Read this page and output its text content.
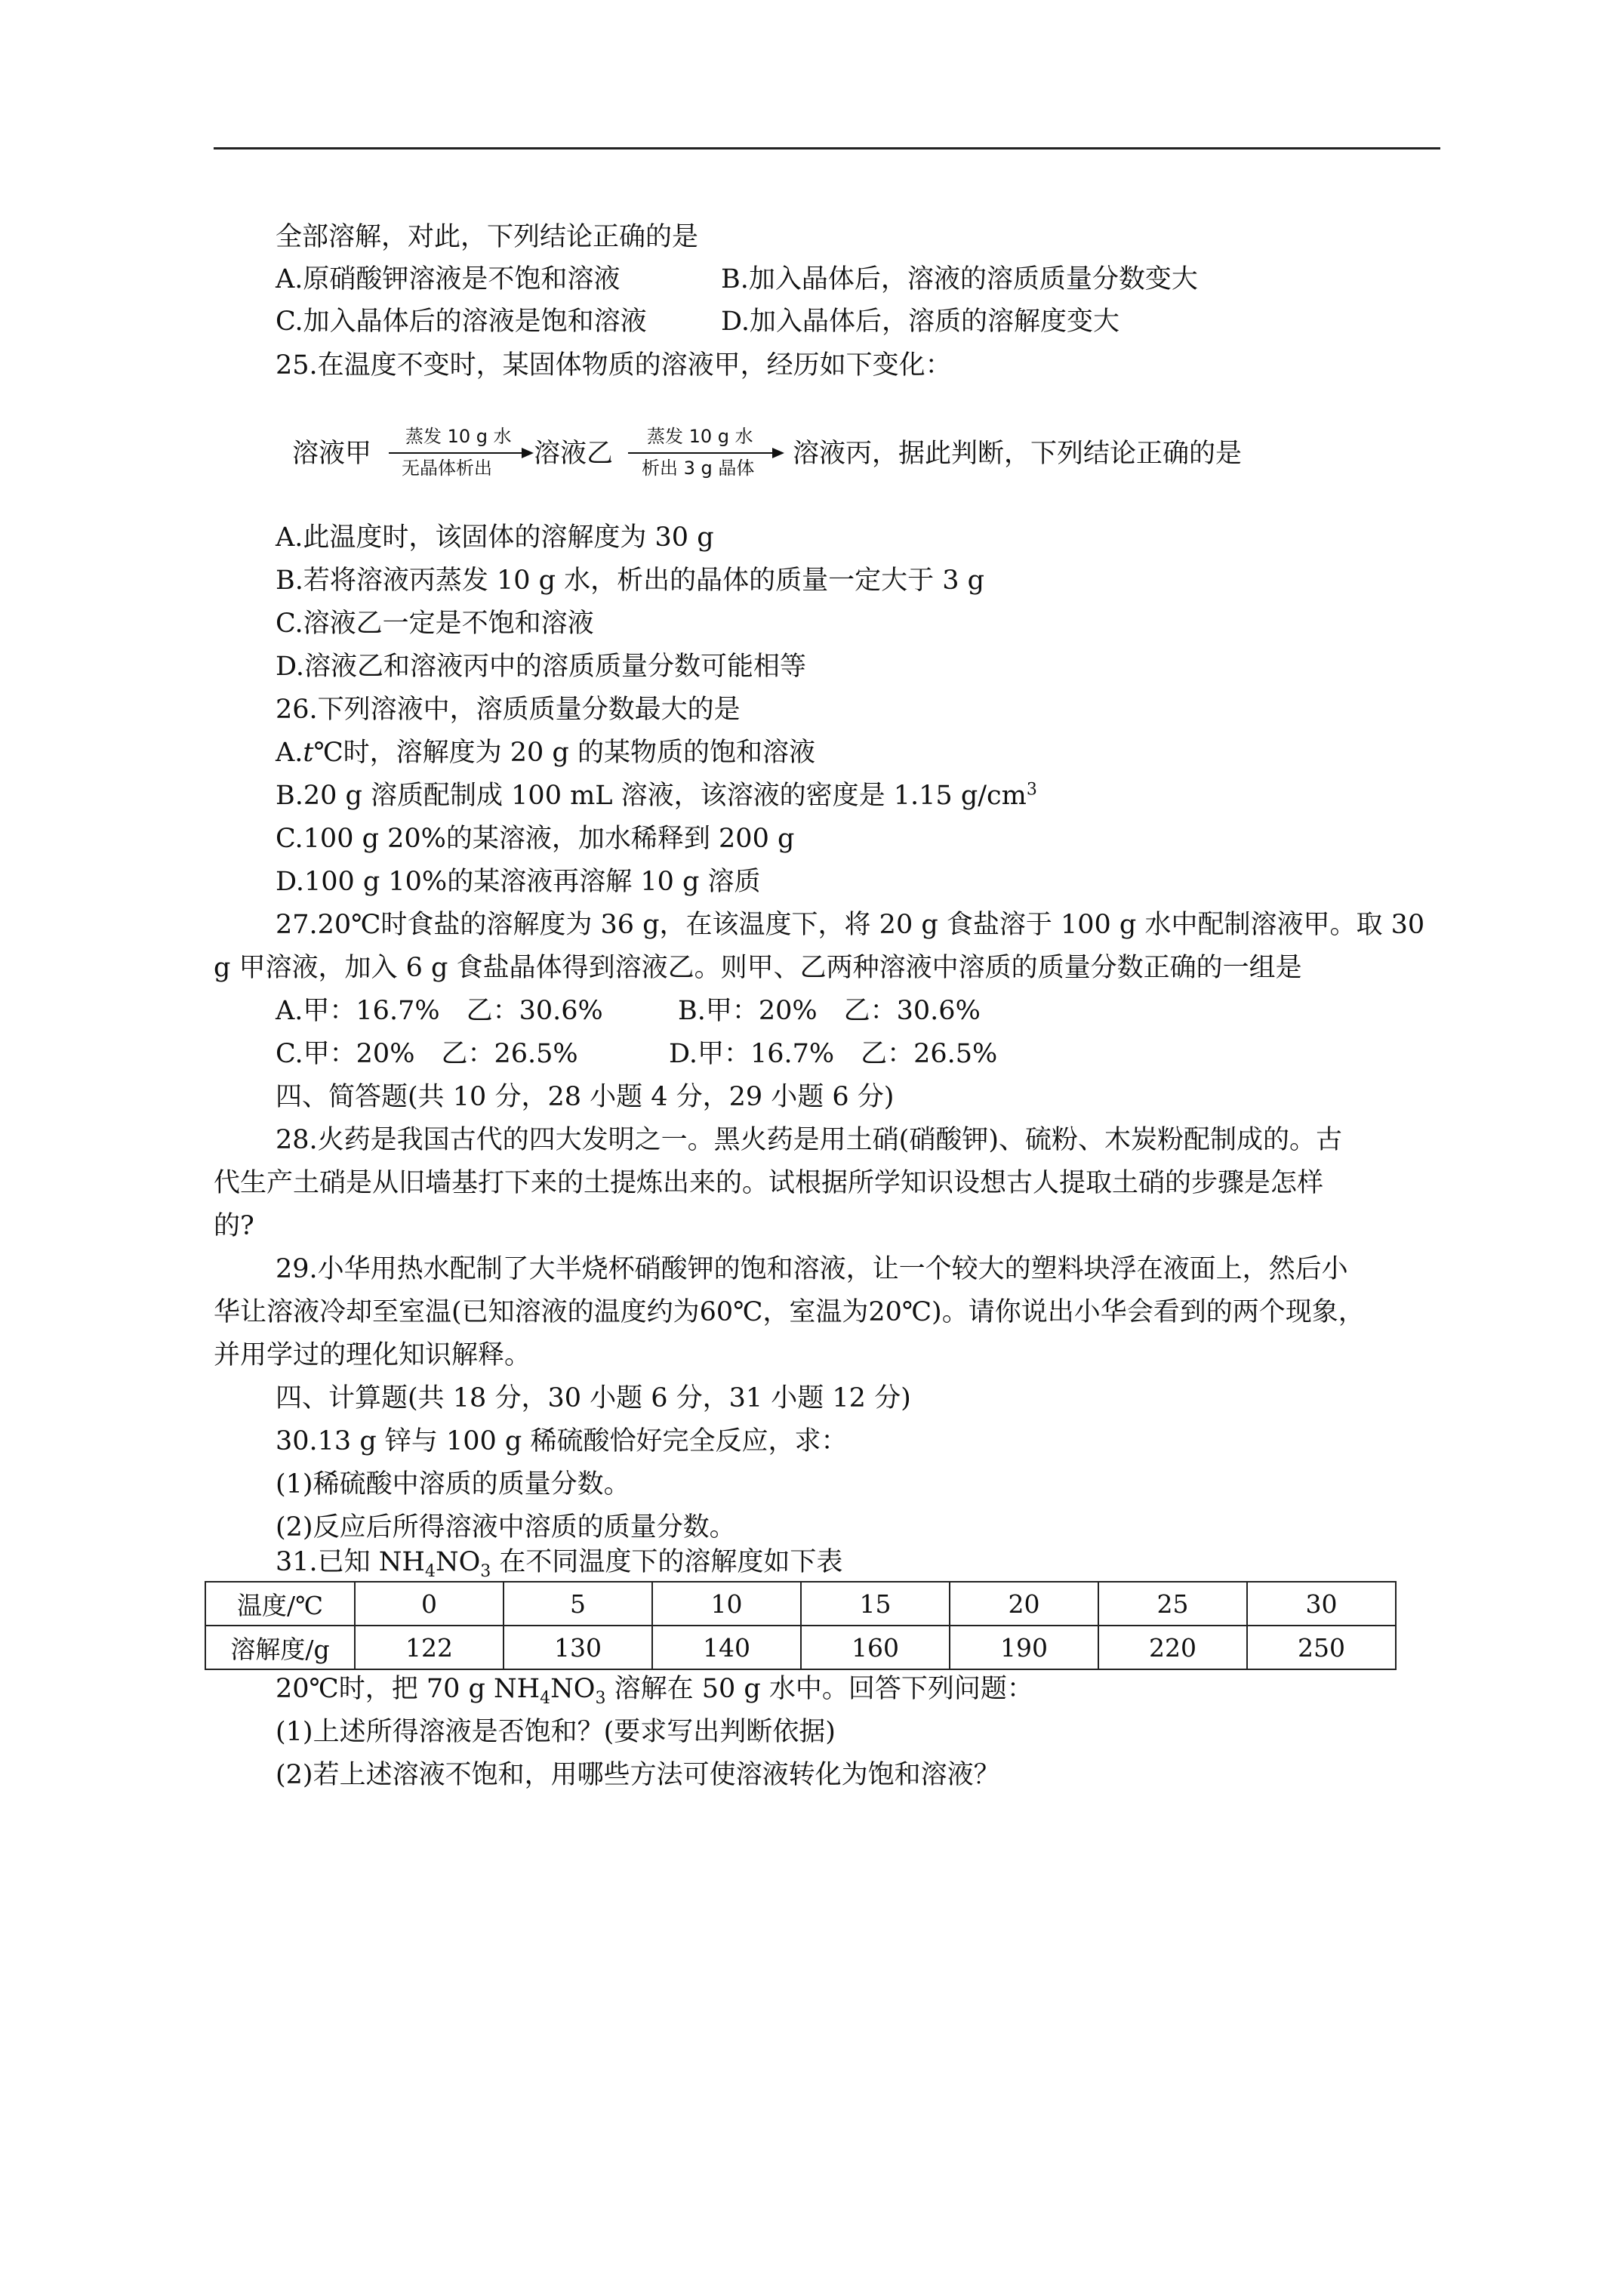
全部溶解，对此，下列结论正确的是
A.原硝酸钾溶液是不饱和溶液	B.加入晶体后，溶液的溶质质量分数变大
C.加入晶体后的溶液是饱和溶液	D.加入晶体后，溶质的溶解度变大
25.在温度不变时，某固体物质的溶液甲，经历如下变化：
溶液甲
蒸发 10 g 水
无晶体析出 溶液乙
蒸发 10 g 水
析出 3 g 晶体 溶液丙，据此判断，下列结论正确的是
A.此温度时，该固体的溶解度为 30 g
B.若将溶液丙蒸发 10 g 水，析出的晶体的质量一定大于 3 g
C.溶液乙一定是不饱和溶液
D.溶液乙和溶液丙中的溶质质量分数可能相等
26.下列溶液中，溶质质量分数最大的是
A.t℃时，溶解度为 20 g 的某物质的饱和溶液
B.20 g 溶质配制成 100 mL 溶液，该溶液的密度是 1.15 $g/cm^3$
C.100 g 20%的某溶液，加水稀释到 200 g
D.100 g 10%的某溶液再溶解 10 g 溶质
27.20℃时食盐的溶解度为 36 g，在该温度下，将 20 g 食盐溶于 100 g 水中配制溶液甲。取 30
g 甲溶液，加入 6 g 食盐晶体得到溶液乙。则甲、乙两种溶液中溶质的质量分数正确的一组是
A.甲：16.7%　乙：30.6%	B.甲：20%　乙：30.6%
C.甲：20%　乙：26.5%	D.甲：16.7%　乙：26.5%
四、简答题(共 10 分，28 小题 4 分，29 小题 6 分)
28.火药是我国古代的四大发明之一。黑火药是用土硝(硝酸钾)、硫粉、木炭粉配制成的。古
代生产土硝是从旧墙基打下来的土提炼出来的。试根据所学知识设想古人提取土硝的步骤是怎样
的?
29.小华用热水配制了大半烧杯硝酸钾的饱和溶液，让一个较大的塑料块浮在液面上，然后小
华让溶液冷却至室温(已知溶液的温度约为60℃，室温为20℃)。请你说出小华会看到的两个现象，
并用学过的理化知识解释。
四、计算题(共 18 分，30 小题 6 分，31 小题 12 分)
30.13 g 锌与 100 g 稀硫酸恰好完全反应，求：
(1)稀硫酸中溶质的质量分数。
(2)反应后所得溶液中溶质的质量分数。
31.已知 $NH_4NO_3$ 在不同温度下的溶解度如下表
温度/℃	0	5	10	15	20	25	30
溶解度/g	122	130	140	160	190	220	250
20℃时，把 70 g $NH_4NO_3$ 溶解在 50 g 水中。回答下列问题：
(1)上述所得溶液是否饱和？(要求写出判断依据)
(2)若上述溶液不饱和，用哪些方法可使溶液转化为饱和溶液？
